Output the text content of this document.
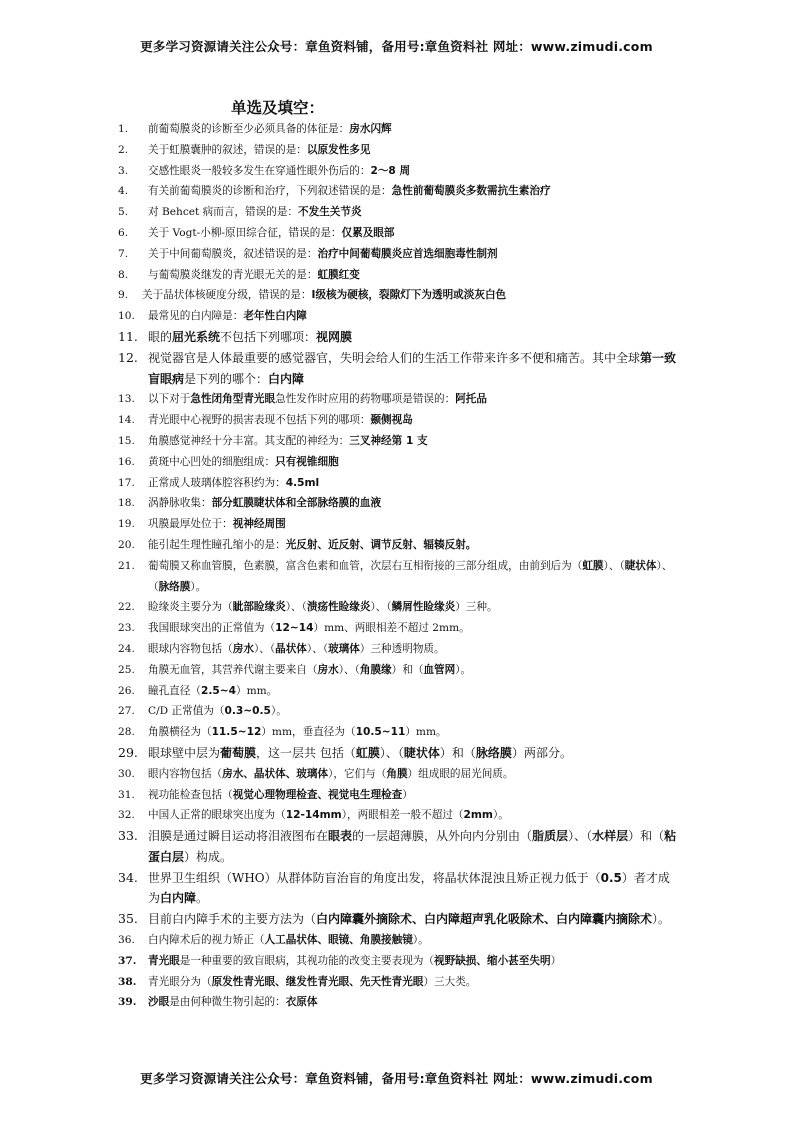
更多学习资源请关注公众号：章鱼资料铺，备用号:章鱼资料社 网址：www.zimudi.com
单选及填空：
1.	前葡萄膜炎的诊断至少必须具备的体征是：房水闪辉
2.	关于虹膜囊肿的叙述，错误的是：以原发性多见
3.	交感性眼炎一般较多发生在穿通性眼外伤后的：2～8 周
4.	有关前葡萄膜炎的诊断和治疗，下列叙述错误的是：急性前葡萄膜炎多数需抗生素治疗
5.	对 Behcet 病而言，错误的是：不发生关节炎
6.	关于 Vogt-小柳-原田综合征，错误的是：仅累及眼部
7.	关于中间葡萄膜炎，叙述错误的是：治疗中间葡萄膜炎应首选细胞毒性制剂
8.	与葡萄膜炎继发的青光眼无关的是：虹膜红变
9.	关于晶状体核硬度分级，错误的是：Ⅰ级核为硬核，裂隙灯下为透明或淡灰白色
10.	最常见的白内障是：老年性白内障
11. 眼的屈光系统不包括下列哪项：视网膜
12. 视觉器官是人体最重要的感觉器官，失明会给人们的生活工作带来许多不便和痛苦。其中全球第一致盲眼病是下列的哪个：白内障
13.	以下对于急性闭角型青光眼急性发作时应用的药物哪项是错误的：阿托品
14.	青光眼中心视野的损害表现不包括下列的哪项：颞侧视岛
15.	角膜感觉神经十分丰富。其支配的神经为：三叉神经第 1 支
16.	黄斑中心凹处的细胞组成：只有视锥细胞
17.	正常成人玻璃体腔容积约为：4.5ml
18.	涡静脉收集：部分虹膜睫状体和全部脉络膜的血液
19.	巩膜最厚处位于：视神经周围
20.	能引起生理性瞳孔缩小的是：光反射、近反射、调节反射、辐辏反射。
21.	葡萄膜又称血管膜，色素膜，富含色素和血管，次层右互相衔接的三部分组成，由前到后为（虹膜）、（睫状体）、（脉络膜）。
22.	睑缘炎主要分为（眦部睑缘炎）、（溃疡性睑缘炎）、（鳞屑性睑缘炎）三种。
23.	我国眼球突出的正常值为（12~14）mm、两眼相差不超过 2mm。
24.	眼球内容物包括（房水）、（晶状体）、（玻璃体）三种透明物质。
25.	角膜无血管，其营养代谢主要来自（房水）、（角膜缘）和（血管网）。
26.	瞳孔直径（2.5~4）mm。
27.	C/D 正常值为（0.3~0.5）。
28.	角膜横径为（11.5~12）mm，垂直径为（10.5~11）mm。
29. 眼球壁中层为葡萄膜，这一层共 包括（虹膜）、（睫状体）和（脉络膜）两部分。
30.	眼内容物包括（房水、晶状体、玻璃体），它们与（角膜）组成眼的屈光间质。
31.	视功能检查包括（视觉心理物理检查、视觉电生理检查）
32.	中国人正常的眼球突出度为（12-14mm），两眼相差一般不超过（2mm）。
33. 泪膜是通过瞬目运动将泪液图布在眼表的一层超薄膜，从外向内分别由（脂质层）、（水样层）和（粘蛋白层）构成。
34. 世界卫生组织（WHO）从群体防盲治盲的角度出发，将晶状体混浊且矫正视力低于（0.5）者才成为白内障。
35. 目前白内障手术的主要方法为（白内障囊外摘除术、白内障超声乳化吸除术、白内障囊内摘除术）。
36.	白内障术后的视力矫正（人工晶状体、眼镜、角膜接触镜）。
37.	青光眼是一种重要的致盲眼病，其视功能的改变主要表现为（视野缺损、缩小甚至失明）
38.	青光眼分为（原发性青光眼、继发性青光眼、先天性青光眼）三大类。
39.	沙眼是由何种微生物引起的：衣原体
更多学习资源请关注公众号：章鱼资料铺，备用号:章鱼资料社 网址：www.zimudi.com
